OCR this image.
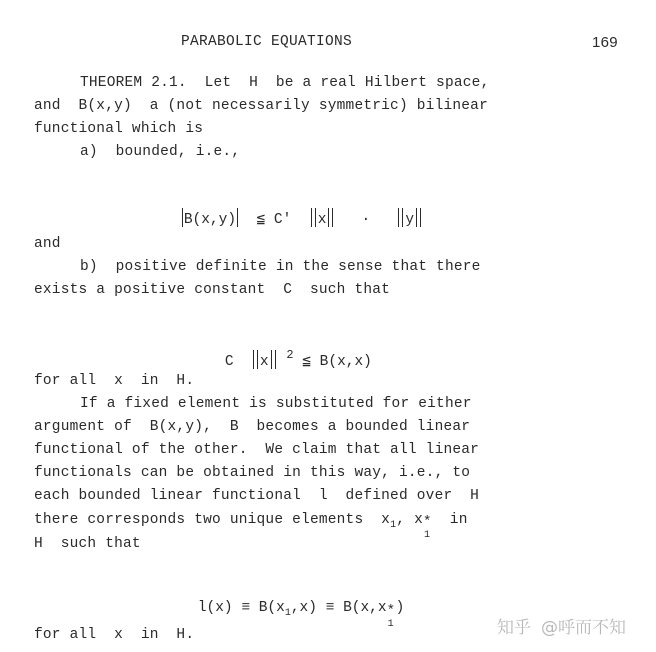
PARABOLIC EQUATIONS	169
THEOREM 2.1.  Let  H  be a real Hilbert space,
and  B(x,y)  a (not necessarily symmetric) bilinear
functional which is
a)  bounded, i.e.,

B(x,y) ≦ C' x · y

and
b)  positive definite in the sense that there
exists a positive constant  C  such that

C x $^2$ ≦ B(x,x)

for all  x  in  H.
If a fixed element is substituted for either
argument of  B(x,y),  B  becomes a bounded linear
functional of the other.  We claim that all linear
functionals can be obtained in this way, i.e., to
each bounded linear functional  l  defined over  H
there corresponds two unique elements  $x_1$, x *
1
in
H  such that

$l(x) \equiv B(x_1,x) \equiv B(x,x$ *
1
)

for all  x  in  H.	知乎 @呼而不知
